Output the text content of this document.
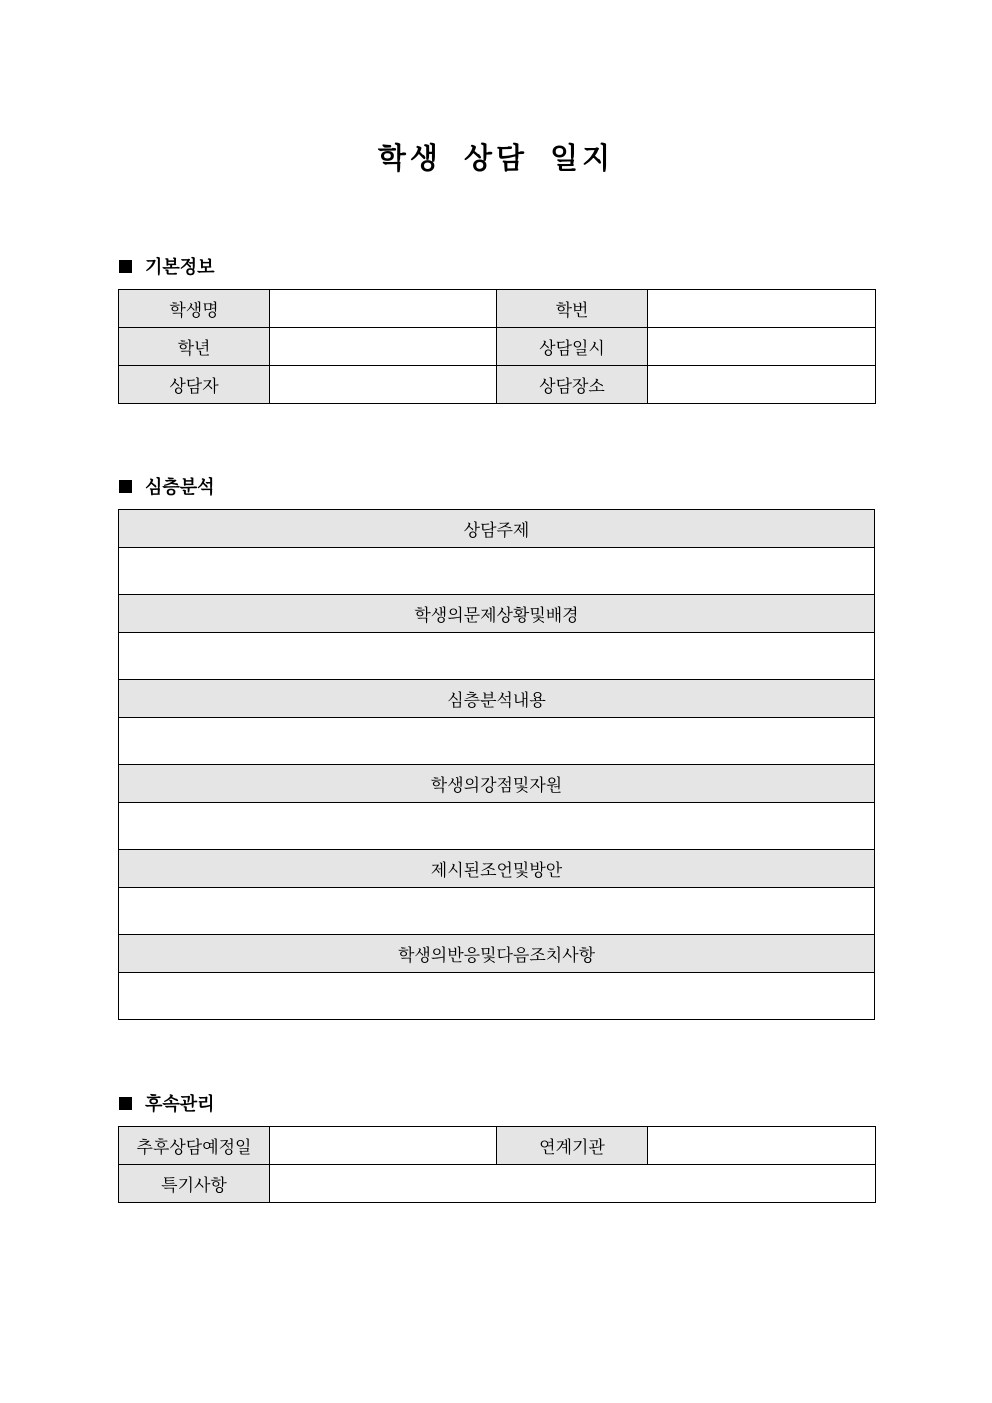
학생 상담 일지
기본정보
학생명		학번	
학년		상담일시	
상담자		상담장소	
심층분석
상담주제

학생의문제상황및배경

심층분석내용

학생의강점및자원

제시된조언및방안

학생의반응및다음조치사항

후속관리
추후상담예정일		연계기관	
특기사항			
